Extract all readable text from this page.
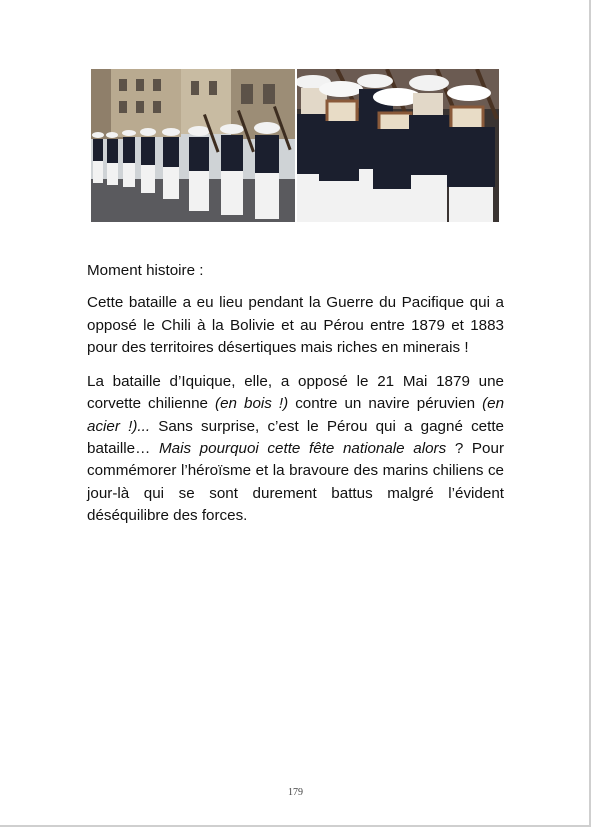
Moment histoire :

Cette bataille a eu lieu pendant la Guerre du Pacifique qui a opposé le Chili à la Bolivie et au Pérou entre 1879 et 1883 pour des territoires désertiques mais riches en minerais !

La bataille d’Iquique, elle, a opposé le 21 Mai 1879 une corvette chilienne (en bois !) contre un navire péruvien (en acier !)... Sans surprise, c’est le Pérou qui a gagné cette bataille… Mais pourquoi cette fête nationale alors ? Pour commémorer l’héroïsme et la bravoure des marins chiliens ce jour-là qui se sont durement battus malgré l’évident déséquilibre des forces.

179
